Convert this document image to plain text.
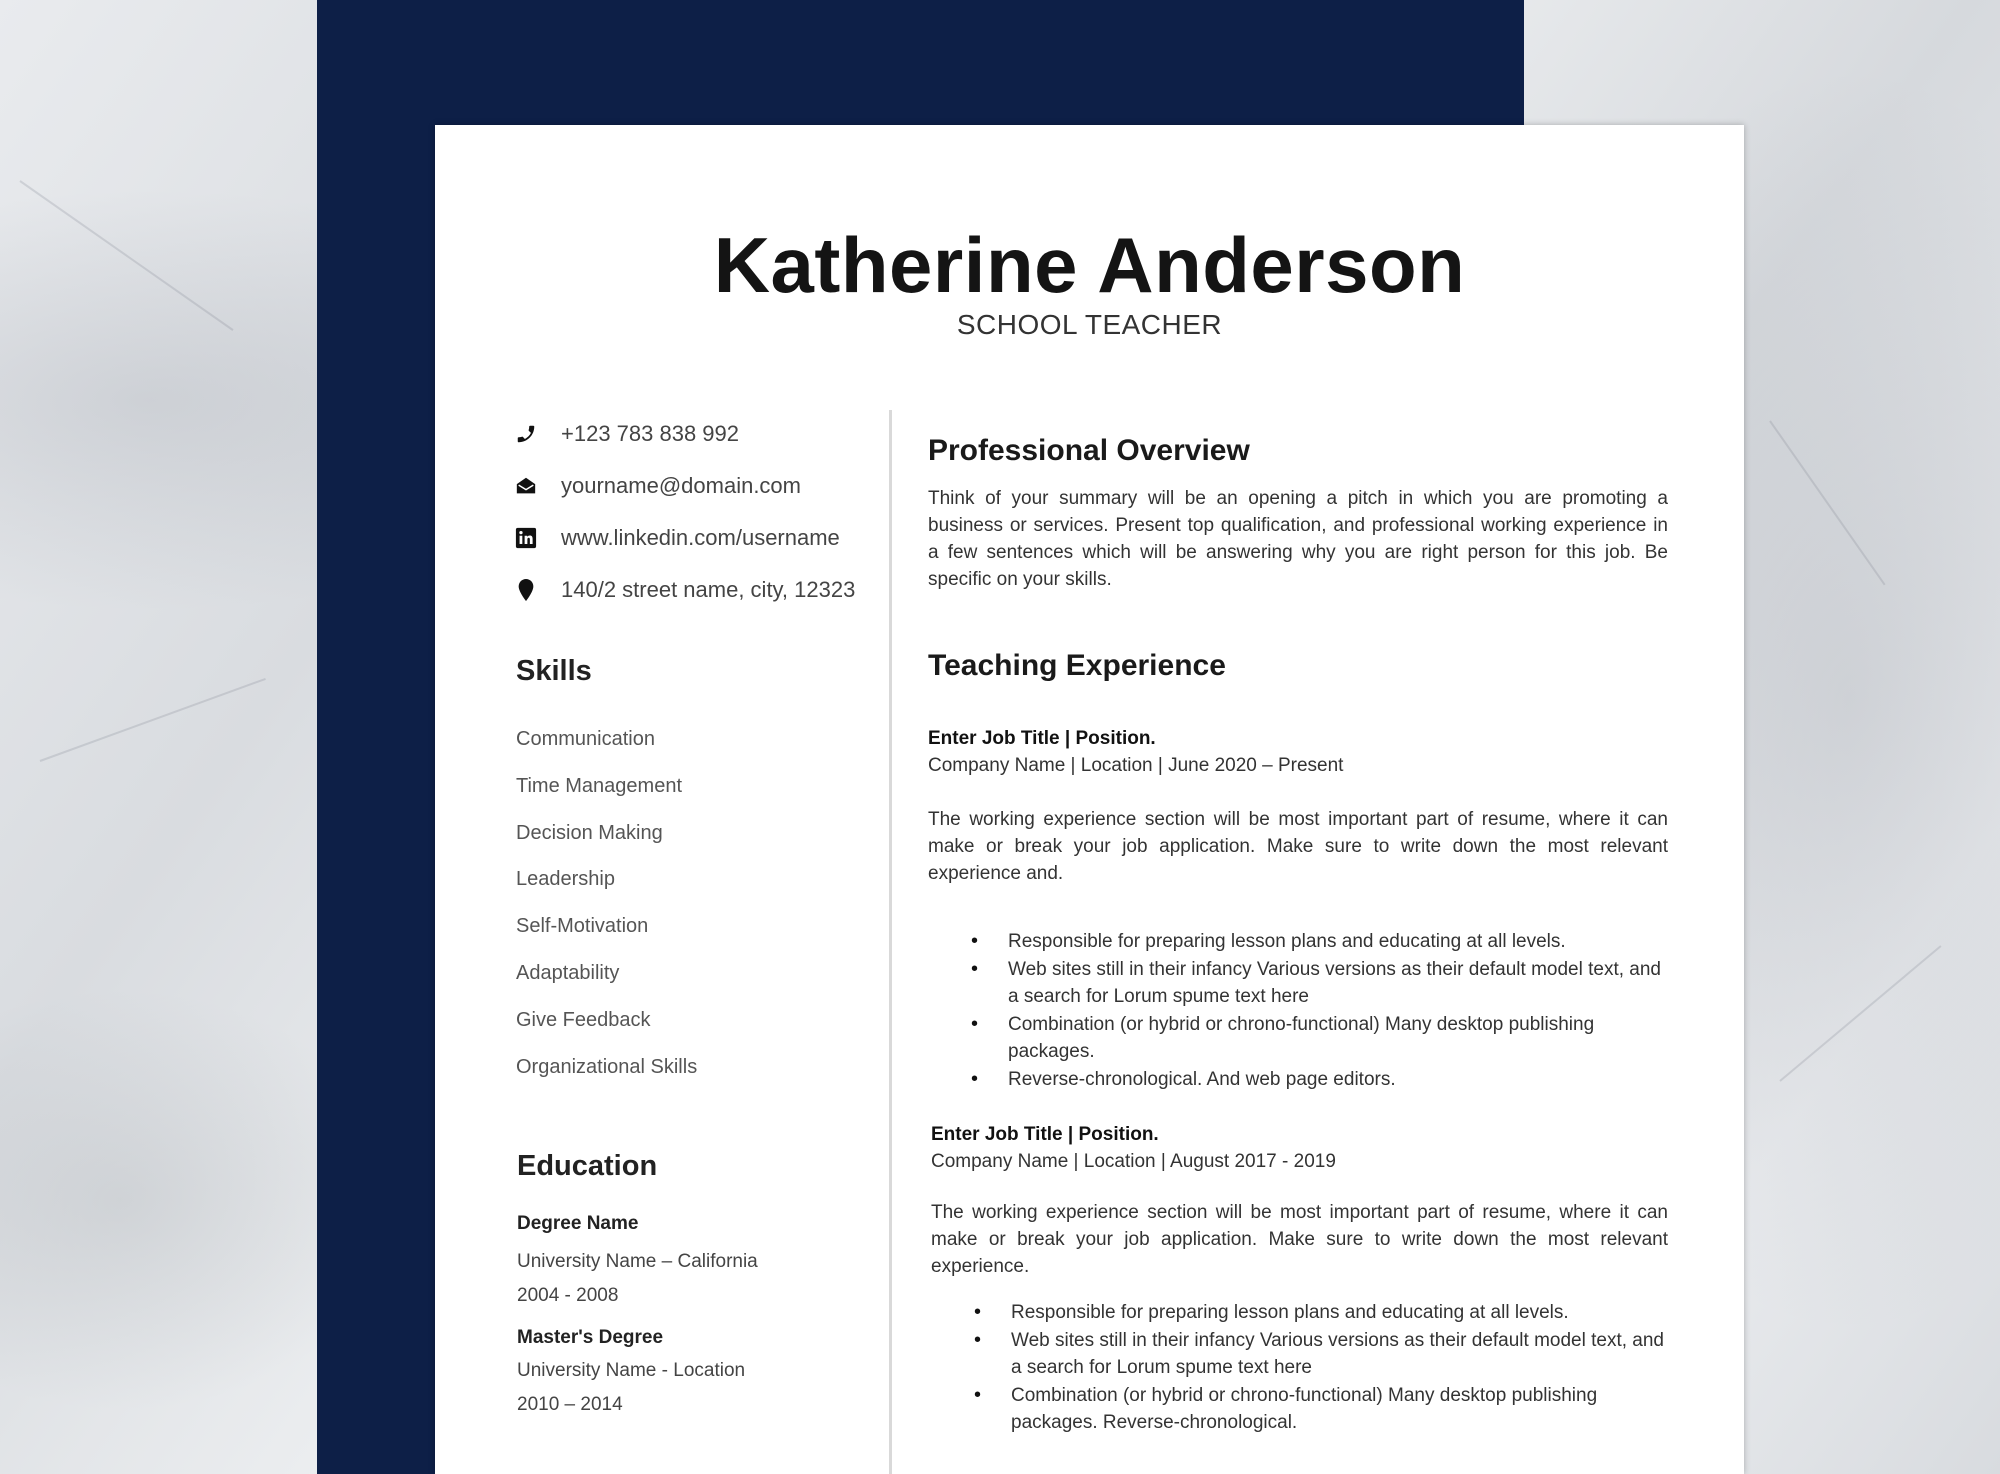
Katherine Anderson
SCHOOL TEACHER
+123 783 838 992
yourname@domain.com
www.linkedin.com/username
140/2 street name, city, 12323
Skills
Communication
Time Management
Decision Making
Leadership
Self-Motivation
Adaptability
Give Feedback
Organizational Skills
Education
Degree Name
University Name – California
2004 - 2008
Master's Degree
University Name - Location
2010 – 2014
Professional Overview
Think of your summary will be an opening a pitch in which you are promoting a business or services. Present top qualification, and professional working experience in a few sentences which will be answering why you are right person for this job. Be specific on your skills.
Teaching Experience
Enter Job Title | Position.
Company Name | Location | June 2020 – Present
The working experience section will be most important part of resume, where it can make or break your job application. Make sure to write down the most relevant experience and.
• Responsible for preparing lesson plans and educating at all levels.
• Web sites still in their infancy Various versions as their default model text, and a search for Lorum spume text here
• Combination (or hybrid or chrono-functional) Many desktop publishing packages.
• Reverse-chronological. And web page editors.
Enter Job Title | Position.
Company Name | Location | August 2017 - 2019
The working experience section will be most important part of resume, where it can make or break your job application. Make sure to write down the most relevant experience.
• Responsible for preparing lesson plans and educating at all levels.
• Web sites still in their infancy Various versions as their default model text, and a search for Lorum spume text here
• Combination (or hybrid or chrono-functional) Many desktop publishing packages. Reverse-chronological.
